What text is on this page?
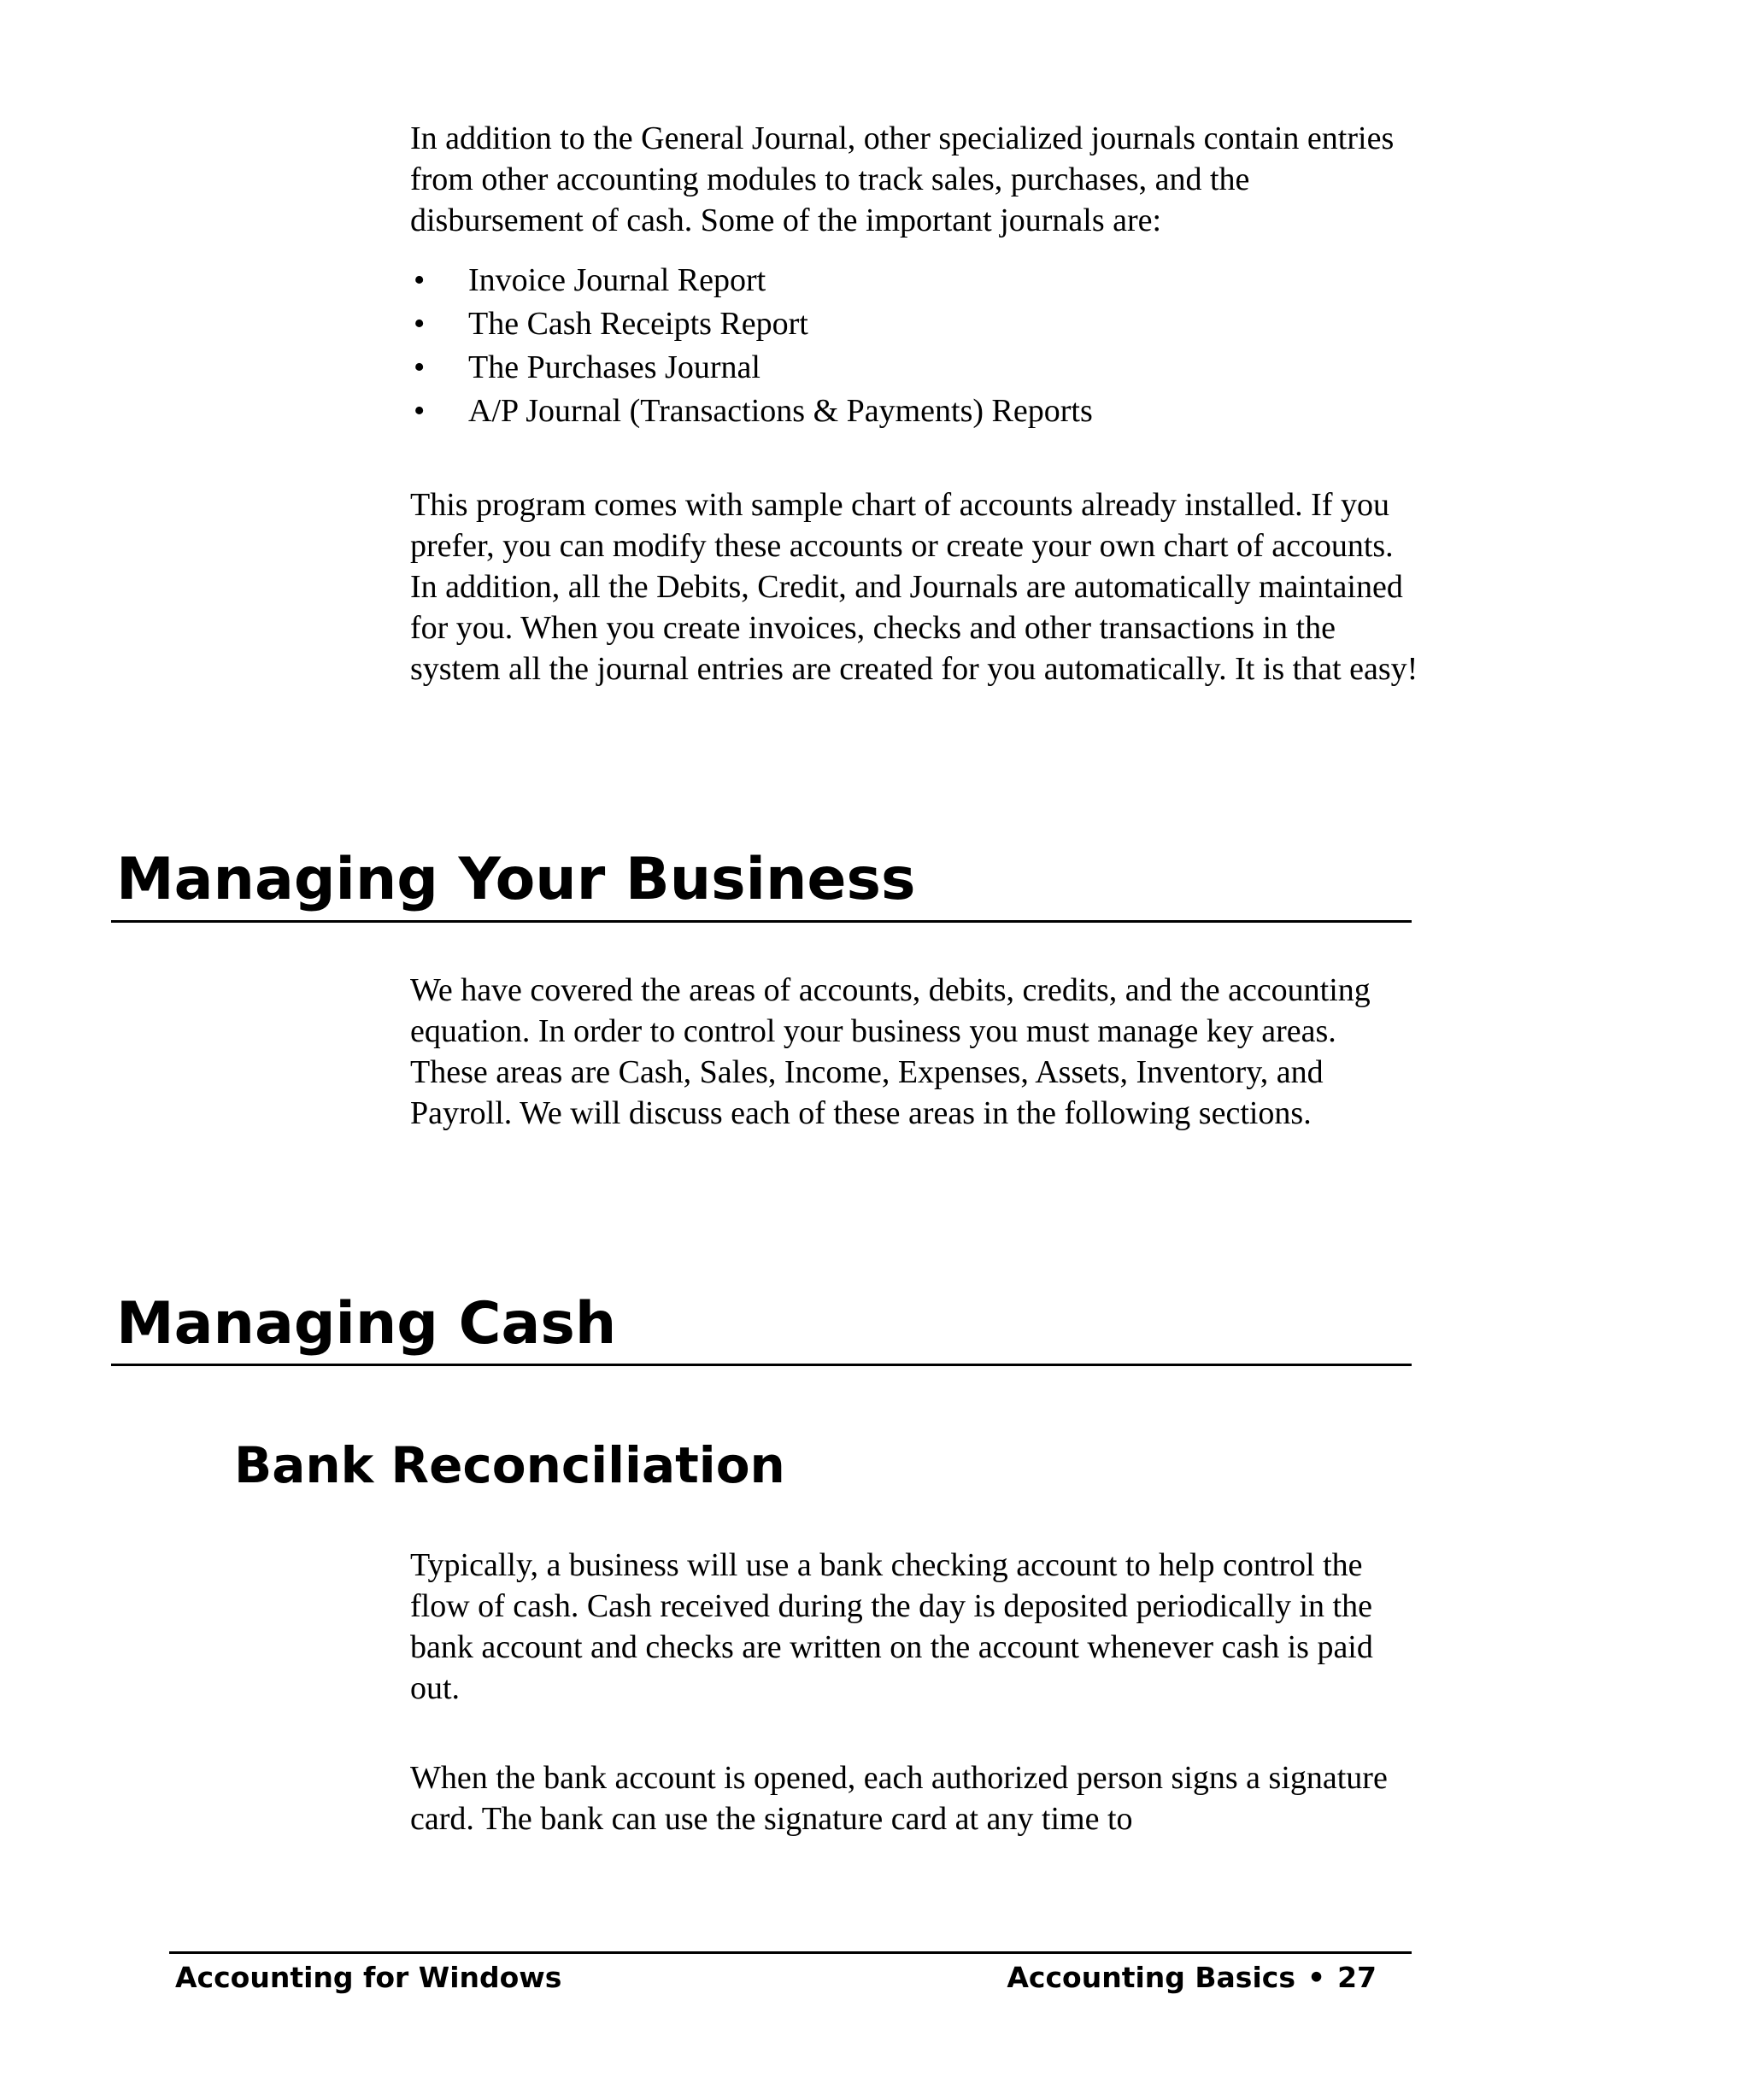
In addition to the General Journal, other specialized journals contain entries from other accounting modules to track sales, purchases, and the disbursement of cash. Some of the important journals are:

• Invoice Journal Report
• The Cash Receipts Report
• The Purchases Journal
• A/P Journal (Transactions & Payments) Reports

This program comes with sample chart of accounts already installed. If you prefer, you can modify these accounts or create your own chart of accounts. In addition, all the Debits, Credit, and Journals are automatically maintained for you. When you create invoices, checks and other transactions in the system all the journal entries are created for you automatically. It is that easy!

Managing Your Business

We have covered the areas of accounts, debits, credits, and the accounting equation. In order to control your business you must manage key areas. These areas are Cash, Sales, Income, Expenses, Assets, Inventory, and Payroll. We will discuss each of these areas in the following sections.

Managing Cash
Bank Reconciliation

Typically, a business will use a bank checking account to help control the flow of cash. Cash received during the day is deposited periodically in the bank account and checks are written on the account whenever cash is paid out.

When the bank account is opened, each authorized person signs a signature card. The bank can use the signature card at any time to

Accounting for Windows	Accounting Basics • 27
